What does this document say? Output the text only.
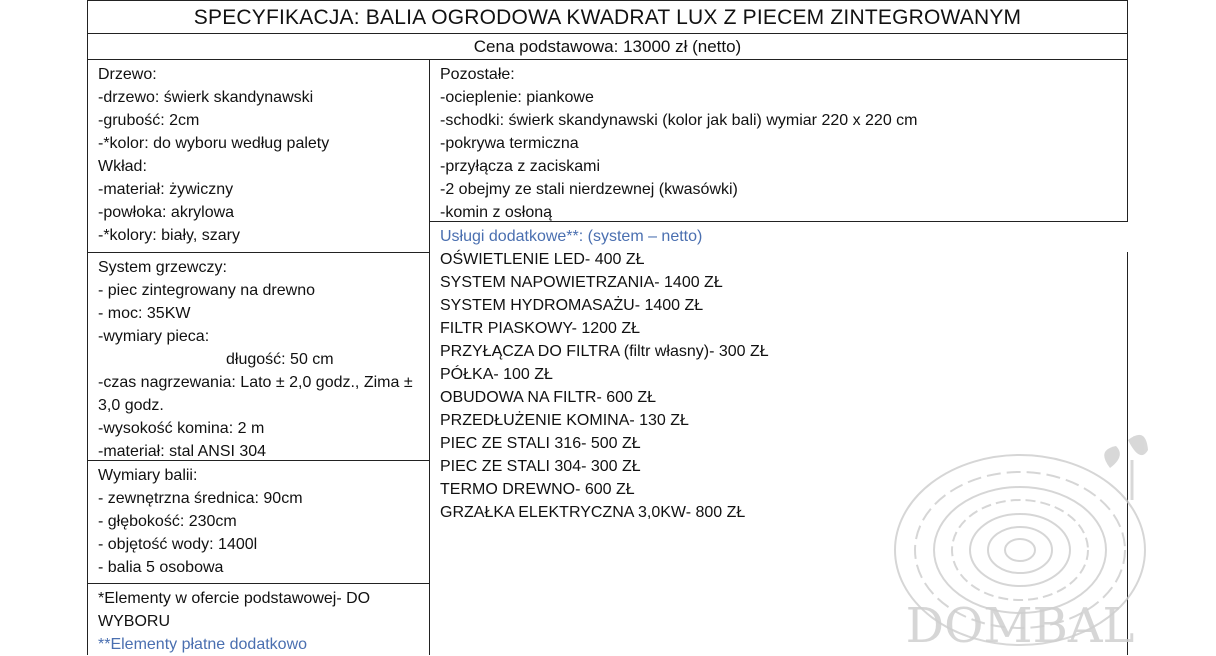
SPECYFIKACJA: BALIA OGRODOWA KWADRAT LUX Z PIECEM ZINTEGROWANYM
Cena podstawowa: 13000 zł (netto)
Drzewo:
-drzewo: świerk skandynawski
-grubość: 2cm
-*kolor: do wyboru według palety
Wkład:
-materiał: żywiczny
-powłoka: akrylowa
-*kolory: biały, szary
System grzewczy:
- piec zintegrowany na drewno
- moc: 35KW
-wymiary pieca:
długość: 50 cm
-czas nagrzewania: Lato ± 2,0 godz., Zima ± 3,0 godz.
-wysokość komina: 2 m
-materiał: stal ANSI 304
Wymiary balii:
- zewnętrzna średnica: 90cm
- głębokość: 230cm
- objętość wody: 1400l
- balia 5 osobowa
*Elementy w ofercie podstawowej- DO WYBORU
**Elementy płatne dodatkowo
Pozostałe:
-ocieplenie: piankowe
-schodki: świerk skandynawski (kolor jak bali) wymiar 220 x 220 cm
-pokrywa termiczna
-przyłącza z zaciskami
-2 obejmy ze stali nierdzewnej (kwasówki)
-komin z osłoną
Usługi dodatkowe**: (system – netto)
OŚWIETLENIE LED- 400 ZŁ
SYSTEM NAPOWIETRZANIA- 1400 ZŁ
SYSTEM HYDROMASAŻU- 1400 ZŁ
FILTR PIASKOWY- 1200 ZŁ
PRZYŁĄCZA DO FILTRA (filtr własny)- 300 ZŁ
PÓŁKA- 100 ZŁ
OBUDOWA NA FILTR- 600 ZŁ
PRZEDŁUŻENIE KOMINA- 130 ZŁ
PIEC ZE STALI 316- 500 ZŁ
PIEC ZE STALI 304- 300 ZŁ
TERMO DREWNO- 600 ZŁ
GRZAŁKA ELEKTRYCZNA 3,0KW- 800 ZŁ
DOMBAL
